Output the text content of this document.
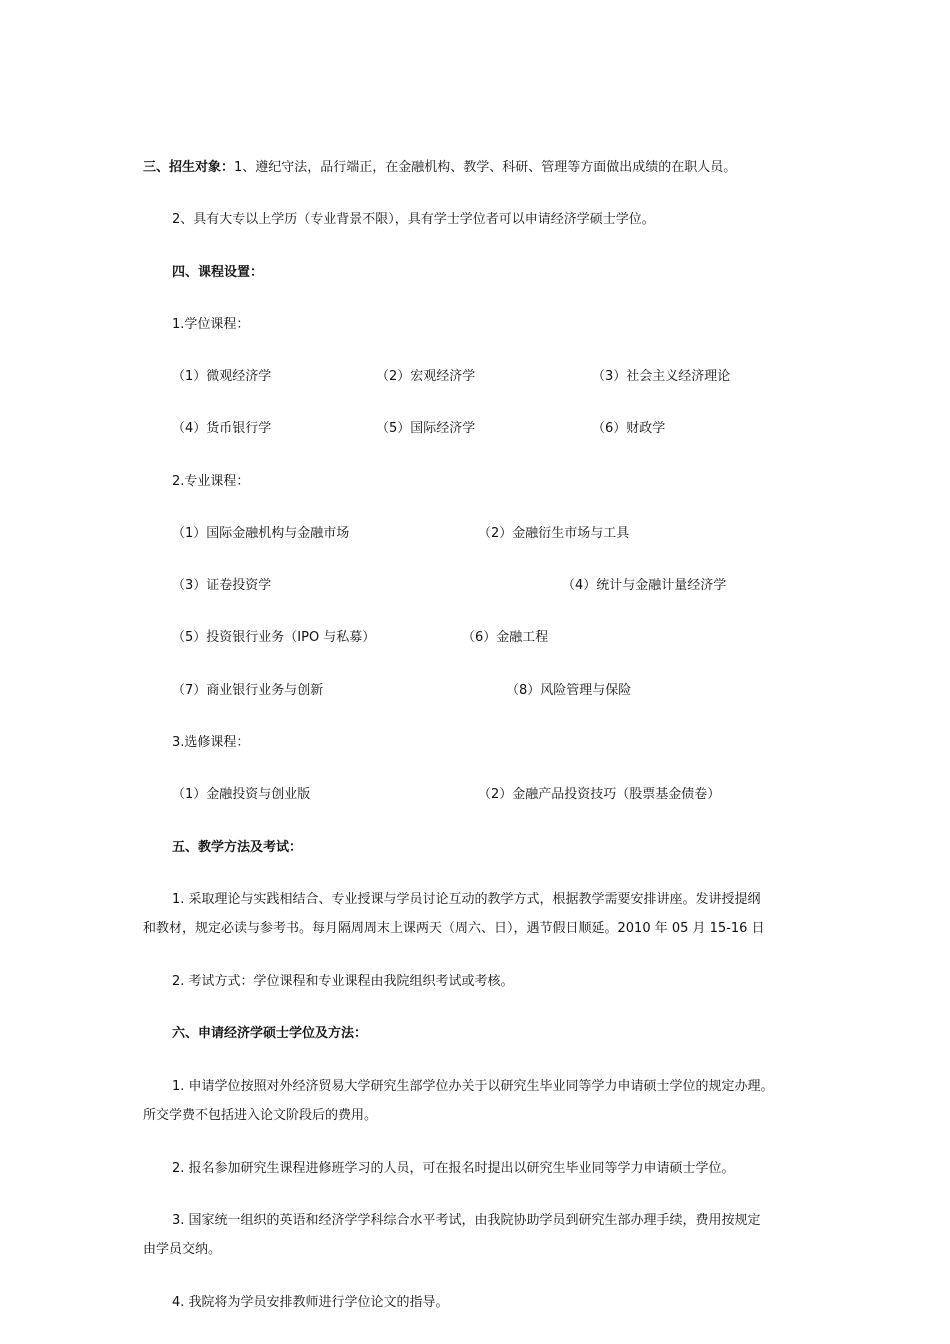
三、招生对象：1、遵纪守法，品行端正，在金融机构、教学、科研、管理等方面做出成绩的在职人员。
2、具有大专以上学历（专业背景不限），具有学士学位者可以申请经济学硕士学位。
四、课程设置：
1.学位课程：
（1）微观经济学	（2）宏观经济学	（3）社会主义经济理论
（4）货币银行学	（5）国际经济学	（6）财政学
2.专业课程：
（1）国际金融机构与金融市场	（2）金融衍生市场与工具
（3）证卷投资学	（4）统计与金融计量经济学
（5）投资银行业务（IPO 与私募）	（6）金融工程
（7）商业银行业务与创新	（8）风险管理与保险
3.选修课程：
（1）金融投资与创业版	（2）金融产品投资技巧（股票基金债卷）
五、教学方法及考试：
1. 采取理论与实践相结合、专业授课与学员讨论互动的教学方式，根据教学需要安排讲座。发讲授提纲
和教材，规定必读与参考书。每月隔周周末上课两天（周六、日），遇节假日顺延。2010 年 05 月 15-16 日
2. 考试方式：学位课程和专业课程由我院组织考试或考核。
六、申请经济学硕士学位及方法：
1. 申请学位按照对外经济贸易大学研究生部学位办关于以研究生毕业同等学力申请硕士学位的规定办理。
所交学费不包括进入论文阶段后的费用。
2. 报名参加研究生课程进修班学习的人员，可在报名时提出以研究生毕业同等学力申请硕士学位。
3. 国家统一组织的英语和经济学学科综合水平考试，由我院协助学员到研究生部办理手续，费用按规定
由学员交纳。
4. 我院将为学员安排教师进行学位论文的指导。
